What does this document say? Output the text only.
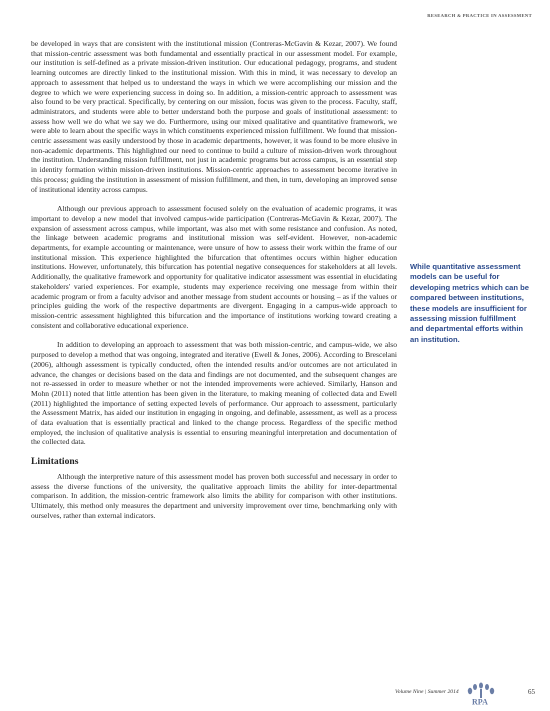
RESEARCH & PRACTICE IN ASSESSMENT

be developed in ways that are consistent with the institutional mission (Contreras-McGavin & Kezar, 2007). We found that mission-centric assessment was both fundamental and essentially practical in our assessment model. For example, our institution is self-defined as a private mission-driven institution. Our educational pedagogy, programs, and student learning outcomes are directly linked to the institutional mission. With this in mind, it was necessary to develop an approach to assessment that helped us to understand the ways in which we were accomplishing our mission and the degree to which we were experiencing success in doing so. In addition, a mission-centric approach to assessment was also found to be very practical. Specifically, by centering on our mission, focus was given to the process. Faculty, staff, administrators, and students were able to better understand both the purpose and goals of institutional assessment: to assess how well we do what we say we do. Furthermore, using our mixed qualitative and quantitative framework, we were able to learn about the specific ways in which constituents experienced mission fulfillment. We found that mission-centric assessment was easily understood by those in academic departments, however, it was found to be more elusive in non-academic departments. This highlighted our need to continue to build a culture of mission-driven work throughout the institution. Understanding mission fulfillment, not just in academic programs but across campus, is an essential step in identity formation within mission-driven institutions. Mission-centric approaches to assessment become iterative in this process; guiding the institution in assessment of mission fulfillment, and then, in turn, developing an improved sense of institutional identity across campus.

Although our previous approach to assessment focused solely on the evaluation of academic programs, it was important to develop a new model that involved campus-wide participation (Contreras-McGavin & Kezar, 2007). The expansion of assessment across campus, while important, was also met with some resistance and confusion. As noted, the linkage between academic programs and institutional mission was self-evident. However, non-academic departments, for example accounting or maintenance, were unsure of how to assess their work within the frame of our institutional mission. This experience highlighted the bifurcation that oftentimes occurs within higher education institutions. However, unfortunately, this bifurcation has potential negative consequences for stakeholders at all levels. Additionally, the qualitative framework and opportunity for qualitative indicator assessment was essential in elucidating stakeholders' varied experiences. For example, students may experience receiving one message from within their academic program or from a faculty advisor and another message from student accounts or housing – as if the values or principles guiding the work of the respective departments are divergent. Engaging in a campus-wide approach to mission-centric assessment highlighted this bifurcation and the importance of institutions working toward creating a consistent and collaborative educational experience.

In addition to developing an approach to assessment that was both mission-centric, and campus-wide, we also purposed to develop a method that was ongoing, integrated and iterative (Ewell & Jones, 2006). According to Brescelani (2006), although assessment is typically conducted, often the intended results and/or outcomes are not articulated in advance, the changes or decisions based on the data and findings are not documented, and the subsequent changes are not re-assessed in order to measure whether or not the intended improvements were achieved. Similarly, Hanson and Mohn (2011) noted that little attention has been given in the literature, to making meaning of collected data and Ewell (2011) highlighted the importance of setting expected levels of performance. Our approach to assessment, particularly the Assessment Matrix, has aided our institution in engaging in ongoing, and definable, assessment, as well as a process of data evaluation that is essentially practical and linked to the change process. Regardless of the specific method employed, the inclusion of qualitative analysis is essential to ensuring meaningful interpretation and documentation of the collected data.

Limitations

Although the interpretive nature of this assessment model has proven both successful and necessary in order to assess the diverse functions of the university, the qualitative approach limits the ability for inter-departmental comparison. In addition, the mission-centric framework also limits the ability for comparison with other institutions. Ultimately, this method only measures the department and university improvement over time, benchmarking only with ourselves, rather than external indicators.

While quantitative assessment models can be useful for developing metrics which can be compared between institutions, these models are insufficient for assessing mission fulfillment and departmental efforts within an institution.
Volume Nine | Summer 2014
RPA
65
